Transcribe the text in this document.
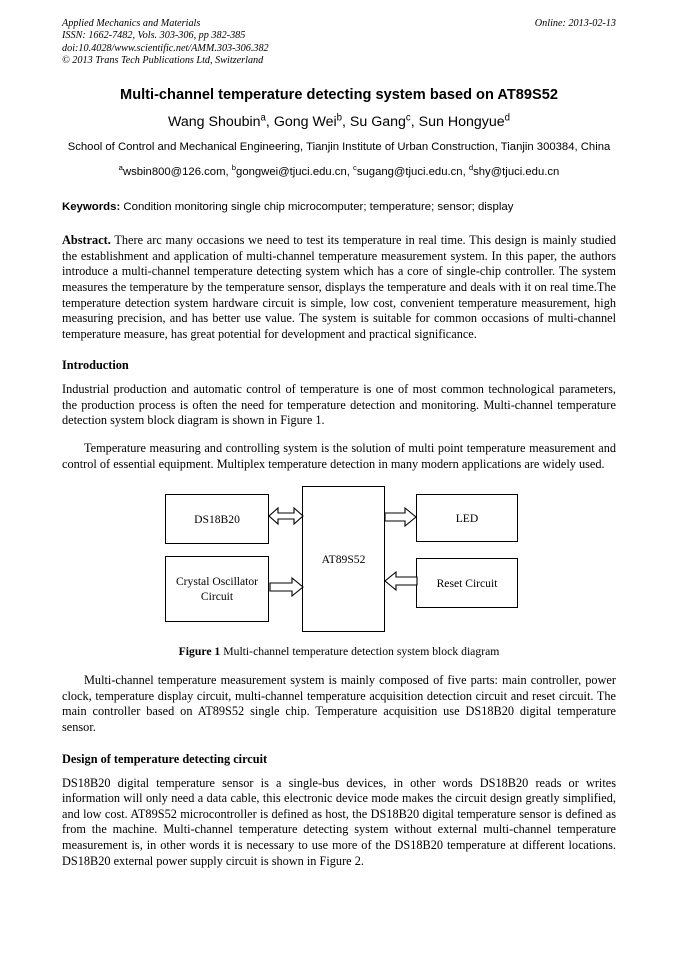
Applied Mechanics and Materials
ISSN: 1662-7482, Vols. 303-306, pp 382-385
doi:10.4028/www.scientific.net/AMM.303-306.382
© 2013 Trans Tech Publications Ltd, Switzerland
Online: 2013-02-13
Multi-channel temperature detecting system based on AT89S52
Wang Shoubin$^a$, Gong Wei$^b$, Su Gang$^c$, Sun Hongyue$^d$
School of Control and Mechanical Engineering, Tianjin Institute of Urban Construction, Tianjin 300384, China
$^a$wsbin800@126.com, $^b$gongwei@tjuci.edu.cn, $^c$sugang@tjuci.edu.cn, $^d$shy@tjuci.edu.cn
Keywords: Condition monitoring single chip microcomputer; temperature; sensor; display

Abstract. There arc many occasions we need to test its temperature in real time. This design is mainly studied the establishment and application of multi-channel temperature measurement system. In this paper, the authors introduce a multi-channel temperature detecting system which has a core of single-chip controller. The system measures the temperature by the temperature sensor, displays the temperature and deals with it on real time.The temperature detection system hardware circuit is simple, low cost, convenient temperature measurement, high measuring precision, and has better use value. The system is suitable for common occasions of multi-channel temperature measure, has great potential for development and practical significance.

Introduction

Industrial production and automatic control of temperature is one of most common technological parameters, the production process is often the need for temperature detection and monitoring. Multi-channel temperature detection system block diagram is shown in Figure 1.

Temperature measuring and controlling system is the solution of multi point temperature measurement and control of essential equipment. Multiplex temperature detection in many modern applications are widely used.

DS18B20
Crystal Oscillator Circuit
AT89S52
LED
Reset Circuit
Figure 1 Multi-channel temperature detection system block diagram

Multi-channel temperature measurement system is mainly composed of five parts: main controller, power clock, temperature display circuit, multi-channel temperature acquisition detection circuit and reset circuit. The main controller based on AT89S52 single chip. Temperature acquisition use DS18B20 digital temperature sensor.

Design of temperature detecting circuit

DS18B20 digital temperature sensor is a single-bus devices, in other words DS18B20 reads or writes information will only need a data cable, this electronic device mode makes the circuit design greatly simplified, and low cost. AT89S52 microcontroller is defined as host, the DS18B20 digital temperature sensor is defined as from the machine. Multi-channel temperature detecting system without external multi-channel temperature measurement is, in other words it is necessary to use more of the DS18B20 temperature at different locations. DS18B20 external power supply circuit is shown in Figure 2.
